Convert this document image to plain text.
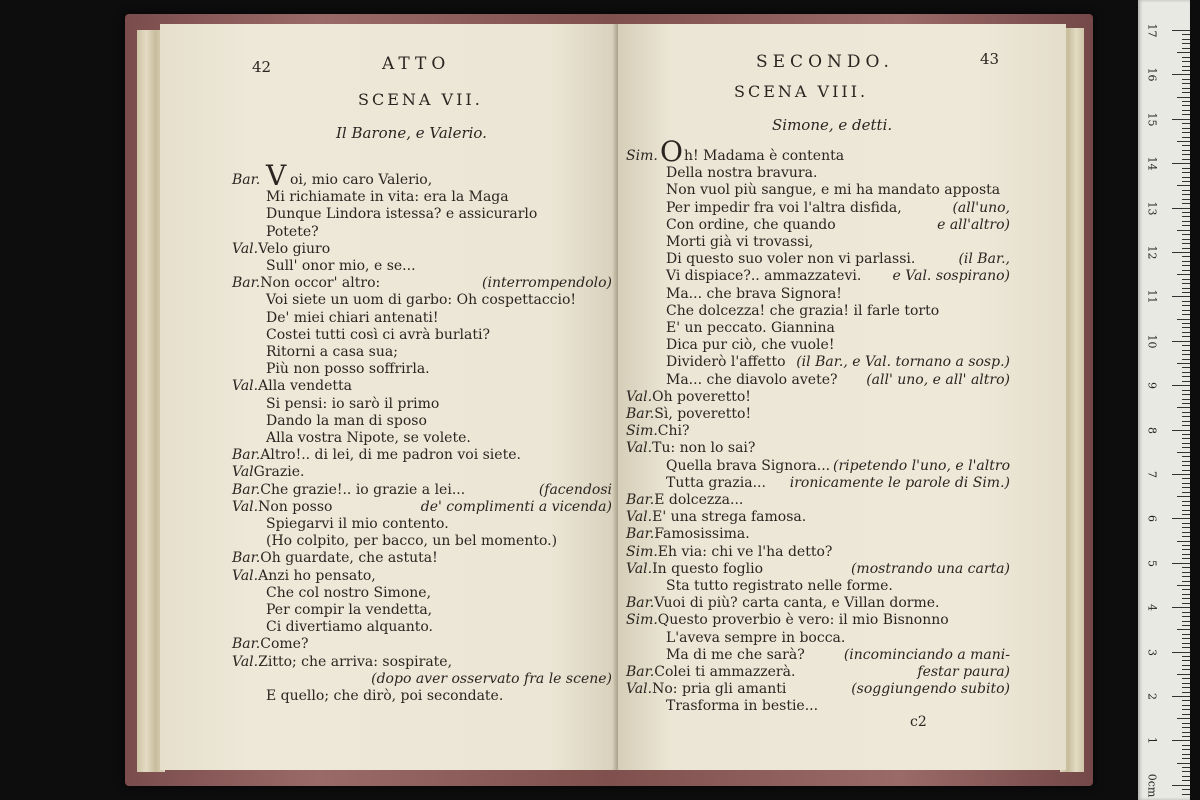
42	ATTO
SCENA VII.
Il Barone, e Valerio.
Bar. V oi, mio caro Valerio,
Mi richiamate in vita: era la Maga
Dunque Lindora istessa? e assicurarlo
Potete?
Val.Velo giuro
Sull' onor mio, e se...
Bar.Non occor' altro:	(interrompendolo)
Voi siete un uom di garbo: Oh cospettaccio!
De' miei chiari antenati!
Costei tutti così ci avrà burlati?
Ritorni a casa sua;
Più non posso soffrirla.
Val.Alla vendetta
Si pensi: io sarò il primo
Dando la man di sposo
Alla vostra Nipote, se volete.
Bar.Altro!.. di lei, di me padron voi siete.
ValGrazie.
Bar.Che grazie!.. io grazie a lei...	(facendosi
Val.Non posso	de' complimenti a vicenda)
Spiegarvi il mio contento.
(Ho colpito, per bacco, un bel momento.)
Bar.Oh guardate, che astuta!
Val.Anzi ho pensato,
Che col nostro Simone,
Per compir la vendetta,
Ci divertiamo alquanto.
Bar.Come?
Val.Zitto; che arriva: sospirate,
(dopo aver osservato fra le scene)
E quello; che dirò, poi secondate.
SECONDO.	43
SCENA VIII.
Simone, e detti.
c2
Sim. O h! Madama è contenta
Della nostra bravura.
Non vuol più sangue, e mi ha mandato apposta
Per impedir fra voi l'altra disfida,	(all'uno,
Con ordine, che quando	e all'altro)
Morti già vi trovassi,
Di questo suo voler non vi parlassi.	(il Bar.,
Vi dispiace?.. ammazzatevi. e Val. sospirano)
Ma... che brava Signora!
Che dolcezza! che grazia! il farle torto
E' un peccato. Giannina
Dica pur ciò, che vuole!
Dividerò l'affetto (il Bar., e Val. tornano a sosp.)
Ma... che diavolo avete? (all' uno, e all' altro)
Val.Oh poveretto!
Bar.Sì, poveretto!
Sim.Chi?
Val.Tu: non lo sai?
Quella brava Signora... (ripetendo l'uno, e l'altro
Tutta grazia... ironicamente le parole di Sim.)
Bar.E dolcezza...
Val.E' una strega famosa.
Bar.Famosissima.
Sim.Eh via: chi ve l'ha detto?
Val.In questo foglio	(mostrando una carta)
Sta tutto registrato nelle forme.
Bar.Vuoi di più? carta canta, e Villan dorme.
Sim.Questo proverbio è vero: il mio Bisnonno
L'aveva sempre in bocca.
Ma di me che sarà?	(incominciando a mani-
Bar.Colei ti ammazzerà.	festar paura)
Val.No: pria gli amanti	(soggiungendo subito)
Trasforma in bestie...
17
16
15
14
13
12
11
10
9
8
7
6
5
4
3
2
1
0cm
